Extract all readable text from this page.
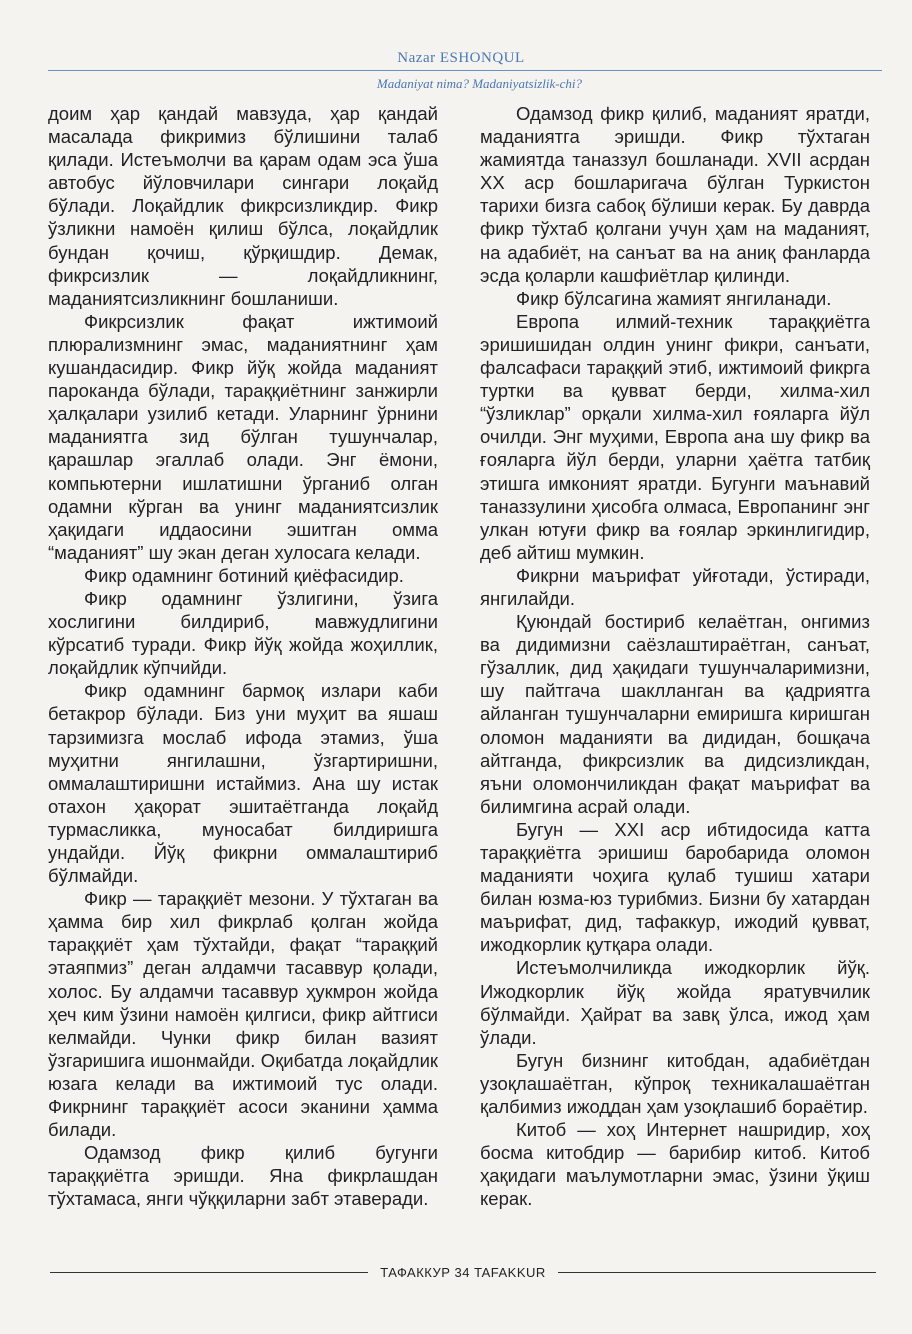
Nazar ESHONQUL
Madaniyat nima? Madaniyatsizlik-chi?

доим ҳар қандай мавзуда, ҳар қандай масалада фикримиз бўлишини талаб қилади. Истеъмолчи ва қарам одам эса ўша автобус йўловчилари сингари лоқайд бўлади. Лоқайдлик фикрсизликдир. Фикр ўзликни намоён қилиш бўлса, лоқайдлик бундан қочиш, қўрқишдир. Демак, фикрсизлик — лоқайдликнинг, маданиятсизликнинг бошланиши.

Фикрсизлик фақат ижтимоий плюрализмнинг эмас, маданиятнинг ҳам кушандасидир. Фикр йўқ жойда маданият пароканда бўлади, тараққиётнинг занжирли ҳалқалари узилиб кетади. Уларнинг ўрнини маданиятга зид бўлган тушунчалар, қарашлар эгаллаб олади. Энг ёмони, компьютерни ишлатишни ўрганиб олган одамни кўрган ва унинг маданиятсизлик ҳақидаги иддаосини эшитган омма “маданият” шу экан деган хулосага келади.

Фикр одамнинг ботиний қиёфасидир.

Фикр одамнинг ўзлигини, ўзига хослигини билдириб, мавжудлигини кўрсатиб туради. Фикр йўқ жойда жоҳиллик, лоқайдлик кўпчийди.

Фикр одамнинг бармоқ излари каби бетакрор бўлади. Биз уни муҳит ва яшаш тарзимизга мослаб ифода этамиз, ўша муҳитни янгилашни, ўзгартиришни, оммалаштиришни истаймиз. Ана шу истак отахон ҳақорат эшитаётганда лоқайд турмасликка, муносабат билдиришга ундайди. Йўқ фикрни оммалаштириб бўлмайди.

Фикр — тараққиёт мезони. У тўхтаган ва ҳамма бир хил фикрлаб қолган жойда тараққиёт ҳам тўхтайди, фақат “тараққий этаяпмиз” деган алдамчи тасаввур қолади, холос. Бу алдамчи тасаввур ҳукмрон жойда ҳеч ким ўзини намоён қилгиси, фикр айтгиси келмайди. Чунки фикр билан вазият ўзгаришига ишонмайди. Оқибатда лоқайдлик юзага келади ва ижтимоий тус олади. Фикрнинг тараққиёт асоси эканини ҳамма билади.

Одамзод фикр қилиб бугунги тараққиётга эришди. Яна фикрлашдан тўхтамаса, янги чўққиларни забт этаверади.

Одамзод фикр қилиб, маданият яратди, маданиятга эришди. Фикр тўхтаган жамиятда таназзул бошланади. XVII асрдан XX аср бошларигача бўлган Туркистон тарихи бизга сабоқ бўлиши керак. Бу даврда фикр тўхтаб қолгани учун ҳам на маданият, на адабиёт, на санъат ва на аниқ фанларда эсда қоларли кашфиётлар қилинди.

Фикр бўлсагина жамият янгиланади.

Европа илмий-техник тараққиётга эришишидан олдин унинг фикри, санъати, фалсафаси тараққий этиб, ижтимоий фикрга туртки ва қувват берди, хилма-хил “ўзликлар” орқали хилма-хил ғояларга йўл очилди. Энг муҳими, Европа ана шу фикр ва ғояларга йўл берди, уларни ҳаётга татбиқ этишга имконият яратди. Бугунги маънавий таназзулини ҳисобга олмаса, Европанинг энг улкан ютуғи фикр ва ғоялар эркинлигидир, деб айтиш мумкин.

Фикрни маърифат уйғотади, ўстиради, янгилайди.

Қуюндай бостириб келаётган, онгимиз ва дидимизни саёзлаштираётган, санъат, гўзаллик, дид ҳақидаги тушунчаларимизни, шу пайтгача шаклланган ва қадриятга айланган тушунчаларни емиришга киришган оломон маданияти ва дидидан, бошқача айтганда, фикрсизлик ва дидсизликдан, яъни оломончиликдан фақат маърифат ва билимгина асрай олади.

Бугун — XXI аср ибтидосида катта тараққиётга эришиш баробарида оломон маданияти чоҳига қулаб тушиш хатари билан юзма-юз турибмиз. Бизни бу хатардан маърифат, дид, тафаккур, ижодий қувват, ижодкорлик қутқара олади.

Истеъмолчиликда ижодкорлик йўқ. Ижодкорлик йўқ жойда яратувчилик бўлмайди. Ҳайрат ва завқ ўлса, ижод ҳам ўлади.

Бугун бизнинг китобдан, адабиётдан узоқлашаётган, кўпроқ техникалашаётган қалбимиз ижоддан ҳам узоқлашиб бораётир.

Китоб — хоҳ Интернет нашридир, хоҳ босма китобдир — барибир китоб. Китоб ҳақидаги маълумотларни эмас, ўзини ўқиш керак.

ТАФАККУР 34 TAFAKKUR
